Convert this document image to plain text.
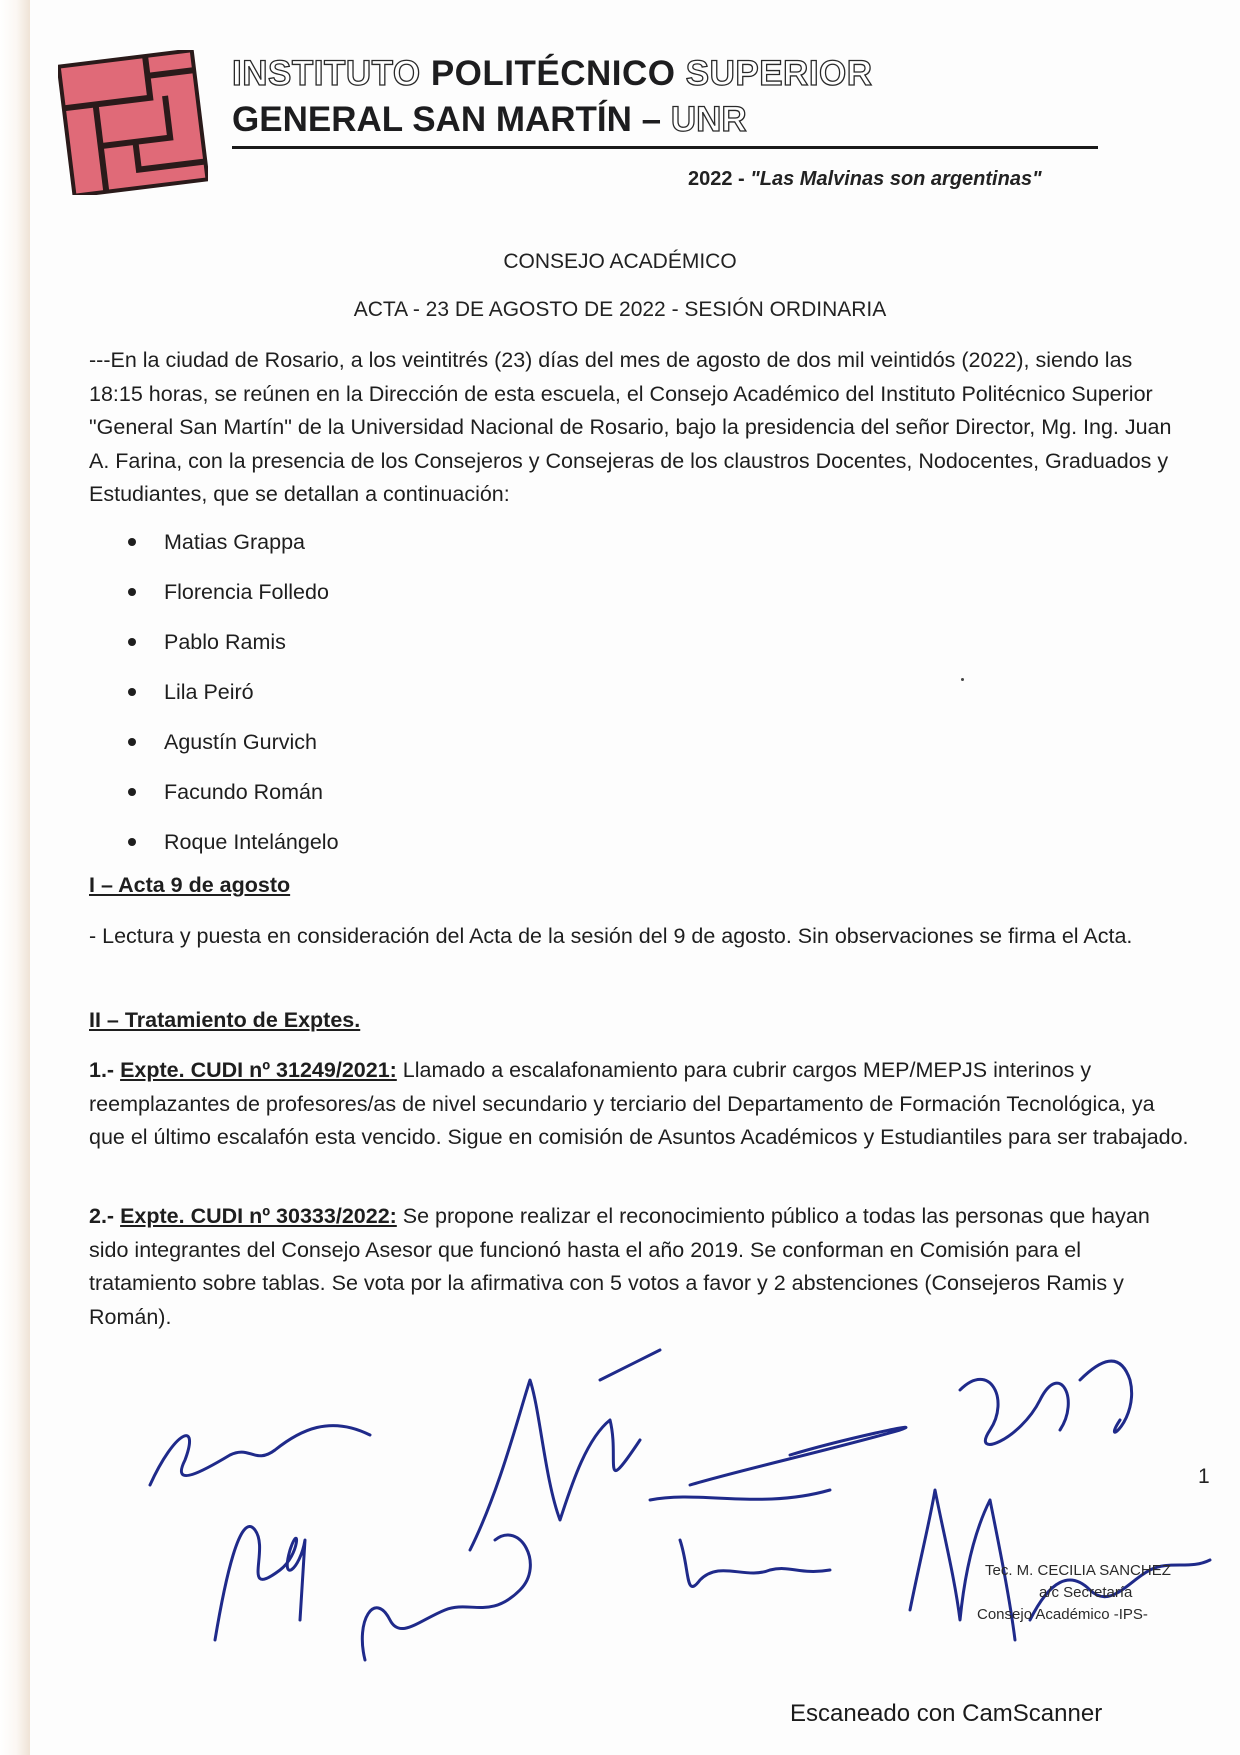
INSTITUTO POLITÉCNICO SUPERIOR
GENERAL SAN MARTÍN – UNR
2022 - "Las Malvinas son argentinas"
CONSEJO ACADÉMICO
ACTA - 23 DE AGOSTO DE 2022 - SESIÓN ORDINARIA
---En la ciudad de Rosario, a los veintitrés (23) días del mes de agosto de dos mil veintidós (2022), siendo las 18:15 horas, se reúnen en la Dirección de esta escuela, el Consejo Académico del Instituto Politécnico Superior "General San Martín" de la Universidad Nacional de Rosario, bajo la presidencia del señor Director, Mg. Ing. Juan A. Farina, con la presencia de los Consejeros y Consejeras de los claustros Docentes, Nodocentes, Graduados y Estudiantes, que se detallan a continuación:
Matias Grappa
Florencia Folledo
Pablo Ramis
Lila Peiró
Agustín Gurvich
Facundo Román
Roque Intelángelo
I – Acta 9 de agosto
- Lectura y puesta en consideración del Acta de la sesión del 9 de agosto. Sin observaciones se firma el Acta.
II – Tratamiento de Exptes.
1.- Expte. CUDI nº 31249/2021: Llamado a escalafonamiento para cubrir cargos MEP/MEPJS interinos y reemplazantes de profesores/as de nivel secundario y terciario del Departamento de Formación Tecnológica, ya que el último escalafón esta vencido. Sigue en comisión de Asuntos Académicos y Estudiantiles para ser trabajado.
2.- Expte. CUDI nº 30333/2022: Se propone realizar el reconocimiento público a todas las personas que hayan sido integrantes del Consejo Asesor que funcionó hasta el año 2019. Se conforman en Comisión para el tratamiento sobre tablas. Se vota por la afirmativa con 5 votos a favor y 2 abstenciones (Consejeros Ramis y Román).
1
Tec. M. CECILIA SANCHEZ
a/c Secretaría
Consejo Académico -IPS-
Escaneado con CamScanner
